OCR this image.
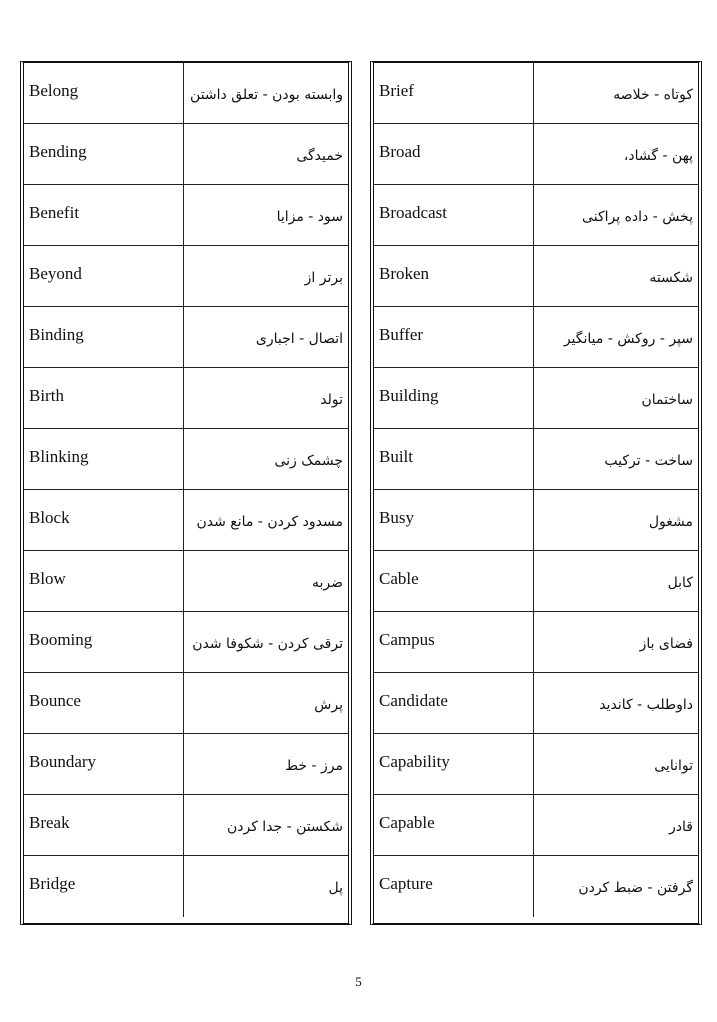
Belong	وابسته بودن - تعلق داشتن
Bending	خمیدگی
Benefit	سود - مزایا
Beyond	برتر از
Binding	اتصال - اجباری
Birth	تولد
Blinking	چشمک زنی
Block	مسدود کردن - مانع شدن
Blow	ضربه
Booming	ترقی کردن - شکوفا شدن
Bounce	پرش
Boundary	مرز - خط
Break	شکستن - جدا کردن
Bridge	پل
Brief	کوتاه - خلاصه
Broad	پهن - گشاد،
Broadcast	پخش - داده پراکنی
Broken	شکسته
Buffer	سپر - روکش - میانگیر
Building	ساختمان
Built	ساخت - ترکیب
Busy	مشغول
Cable	کابل
Campus	فضای باز
Candidate	داوطلب - کاندید
Capability	توانایی
Capable	قادر
Capture	گرفتن - ضبط کردن
5
